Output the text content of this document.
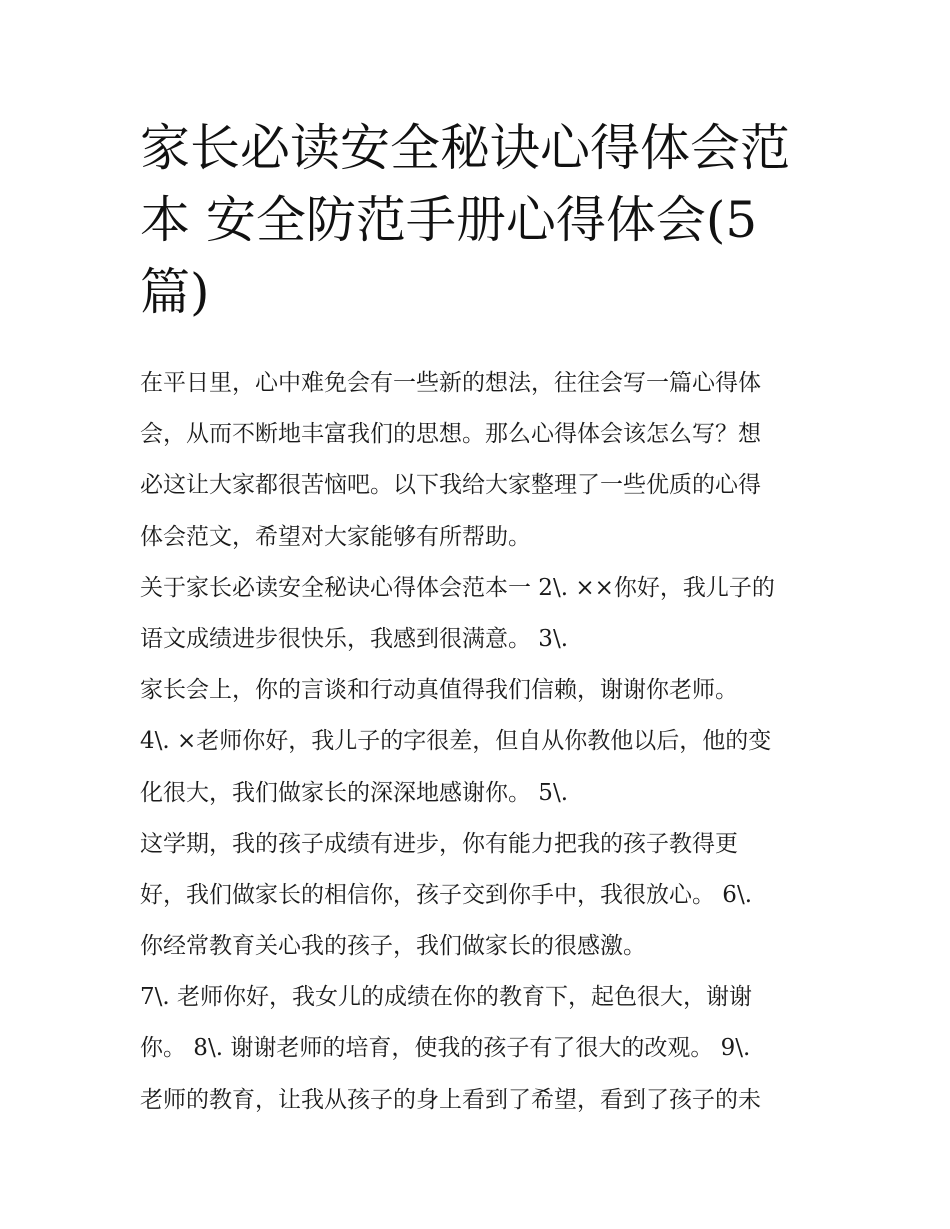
家长必读安全秘诀心得体会范
本 安全防范手册心得体会(5
篇)
在平日里，心中难免会有一些新的想法，往往会写一篇心得体
会，从而不断地丰富我们的思想。那么心得体会该怎么写？想
必这让大家都很苦恼吧。以下我给大家整理了一些优质的心得
体会范文，希望对大家能够有所帮助。
关于家长必读安全秘诀心得体会范本一 2\. ××你好，我儿子的
语文成绩进步很快乐，我感到很满意。 3\.
家长会上，你的言谈和行动真值得我们信赖，谢谢你老师。
4\. ×老师你好，我儿子的字很差，但自从你教他以后，他的变
化很大，我们做家长的深深地感谢你。 5\.
这学期，我的孩子成绩有进步，你有能力把我的孩子教得更
好，我们做家长的相信你，孩子交到你手中，我很放心。 6\.
你经常教育关心我的孩子，我们做家长的很感激。
7\. 老师你好，我女儿的成绩在你的教育下，起色很大，谢谢
你。 8\. 谢谢老师的培育，使我的孩子有了很大的改观。 9\.
老师的教育，让我从孩子的身上看到了希望，看到了孩子的未
